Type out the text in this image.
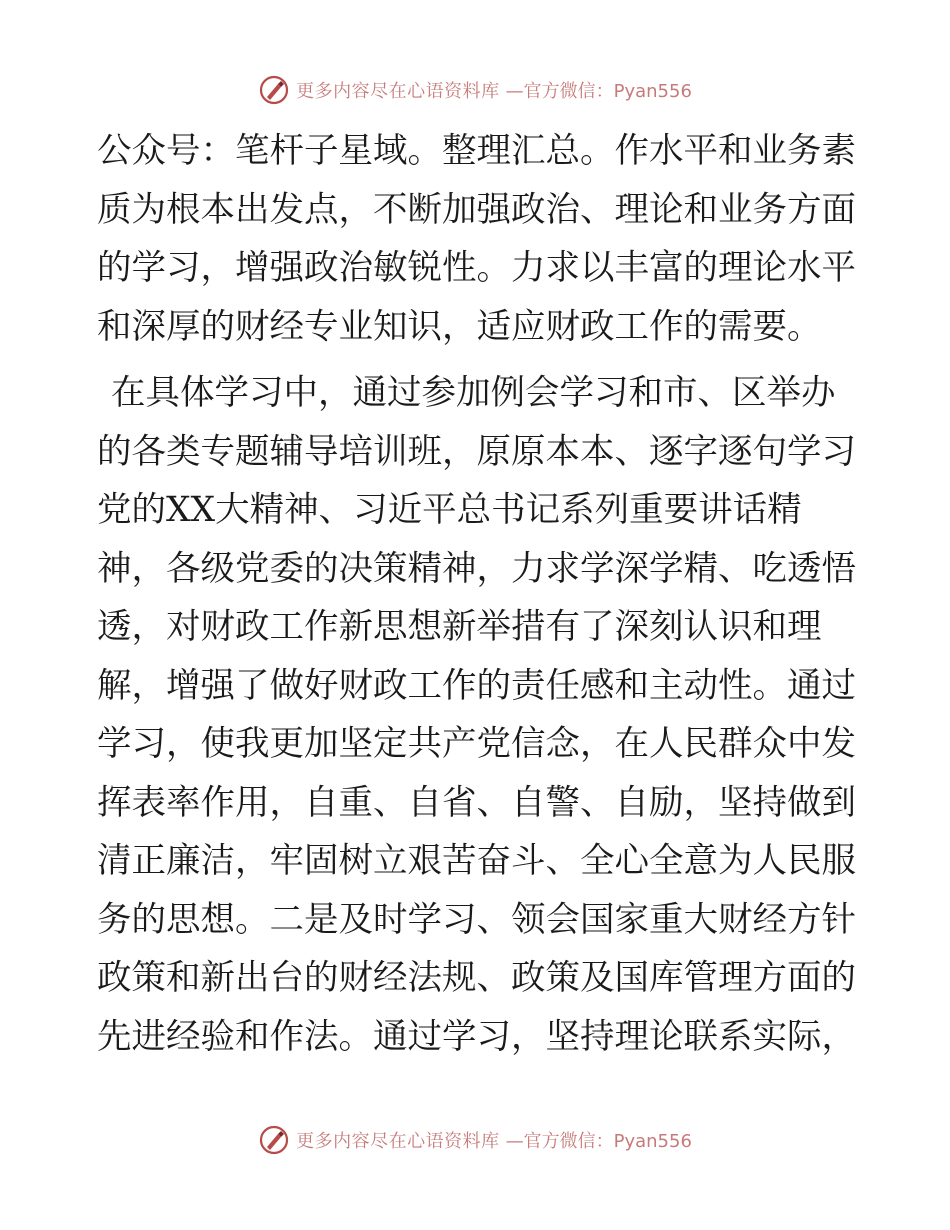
更多内容尽在心语资料库 —官方微信：Pyan556
公众号：笔杆子星域。整理汇总。作水平和业务素
质为根本出发点，不断加强政治、理论和业务方面
的学习，增强政治敏锐性。力求以丰富的理论水平
和深厚的财经专业知识，适应财政工作的需要。
在具体学习中，通过参加例会学习和市、区举办
的各类专题辅导培训班，原原本本、逐字逐句学习
党的XX大精神、习近平总书记系列重要讲话精
神，各级党委的决策精神，力求学深学精、吃透悟
透，对财政工作新思想新举措有了深刻认识和理
解，增强了做好财政工作的责任感和主动性。通过
学习，使我更加坚定共产党信念，在人民群众中发
挥表率作用，自重、自省、自警、自励，坚持做到
清正廉洁，牢固树立艰苦奋斗、全心全意为人民服
务的思想。二是及时学习、领会国家重大财经方针
政策和新出台的财经法规、政策及国库管理方面的
先进经验和作法。通过学习，坚持理论联系实际，
更多内容尽在心语资料库 —官方微信：Pyan556
